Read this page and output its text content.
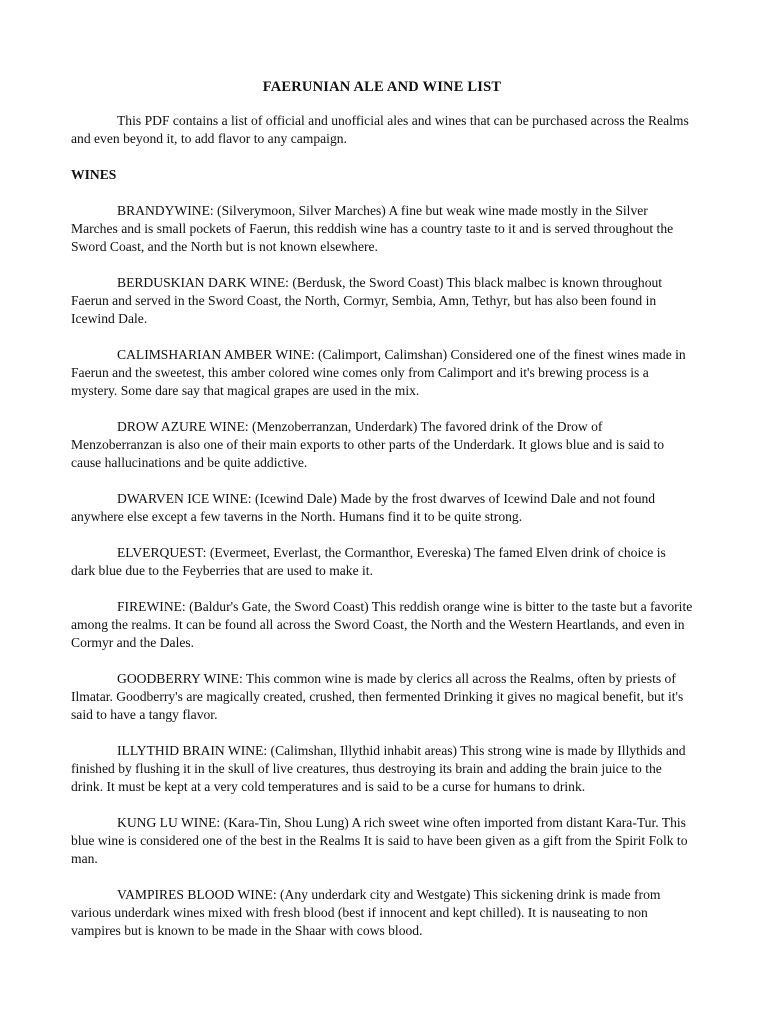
FAERUNIAN ALE AND WINE LIST

This PDF contains a list of official and unofficial ales and wines that can be purchased across the Realms and even beyond it, to add flavor to any campaign.

WINES

BRANDYWINE: (Silverymoon, Silver Marches) A fine but weak wine made mostly in the Silver Marches and is small pockets of Faerun, this reddish wine has a country taste to it and is served throughout the Sword Coast, and the North but is not known elsewhere.

BERDUSKIAN DARK WINE: (Berdusk, the Sword Coast) This black malbec is known throughout Faerun and served in the Sword Coast, the North, Cormyr, Sembia, Amn, Tethyr, but has also been found in Icewind Dale.

CALIMSHARIAN AMBER WINE: (Calimport, Calimshan) Considered one of the finest wines made in Faerun and the sweetest, this amber colored wine comes only from Calimport and it's brewing process is a mystery. Some dare say that magical grapes are used in the mix.

DROW AZURE WINE: (Menzoberranzan, Underdark) The favored drink of the Drow of Menzoberranzan is also one of their main exports to other parts of the Underdark. It glows blue and is said to cause hallucinations and be quite addictive.

DWARVEN ICE WINE: (Icewind Dale) Made by the frost dwarves of Icewind Dale and not found anywhere else except a few taverns in the North. Humans find it to be quite strong.

ELVERQUEST: (Evermeet, Everlast, the Cormanthor, Evereska) The famed Elven drink of choice is dark blue due to the Feyberries that are used to make it.

FIREWINE: (Baldur's Gate, the Sword Coast) This reddish orange wine is bitter to the taste but a favorite among the realms. It can be found all across the Sword Coast, the North and the Western Heartlands, and even in Cormyr and the Dales.

GOODBERRY WINE: This common wine is made by clerics all across the Realms, often by priests of Ilmatar. Goodberry's are magically created, crushed, then fermented Drinking it gives no magical benefit, but it's said to have a tangy flavor.

ILLYTHID BRAIN WINE: (Calimshan, Illythid inhabit areas) This strong wine is made by Illythids and finished by flushing it in the skull of live creatures, thus destroying its brain and adding the brain juice to the drink. It must be kept at a very cold temperatures and is said to be a curse for humans to drink.

KUNG LU WINE: (Kara-Tin, Shou Lung) A rich sweet wine often imported from distant Kara-Tur. This blue wine is considered one of the best in the Realms It is said to have been given as a gift from the Spirit Folk to man.

VAMPIRES BLOOD WINE: (Any underdark city and Westgate) This sickening drink is made from various underdark wines mixed with fresh blood (best if innocent and kept chilled). It is nauseating to non vampires but is known to be made in the Shaar with cows blood.
